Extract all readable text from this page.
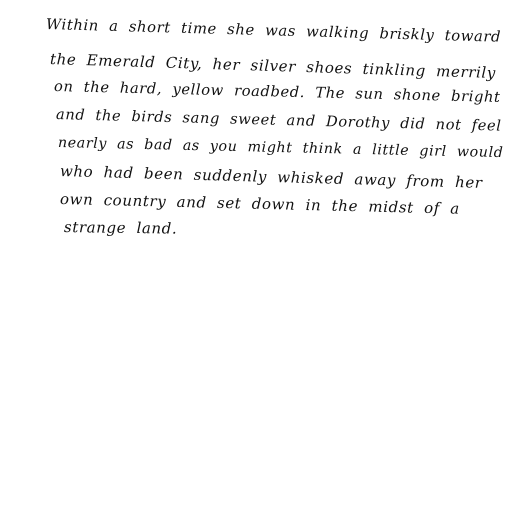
Within a short time she was walking briskly toward
the Emerald City, her silver shoes tinkling merrily
on the hard, yellow roadbed. The sun shone bright
and the birds sang sweet and Dorothy did not feel
nearly as bad as you might think a little girl would
who had been suddenly whisked away from her
own country and set down in the midst of a
strange land.
